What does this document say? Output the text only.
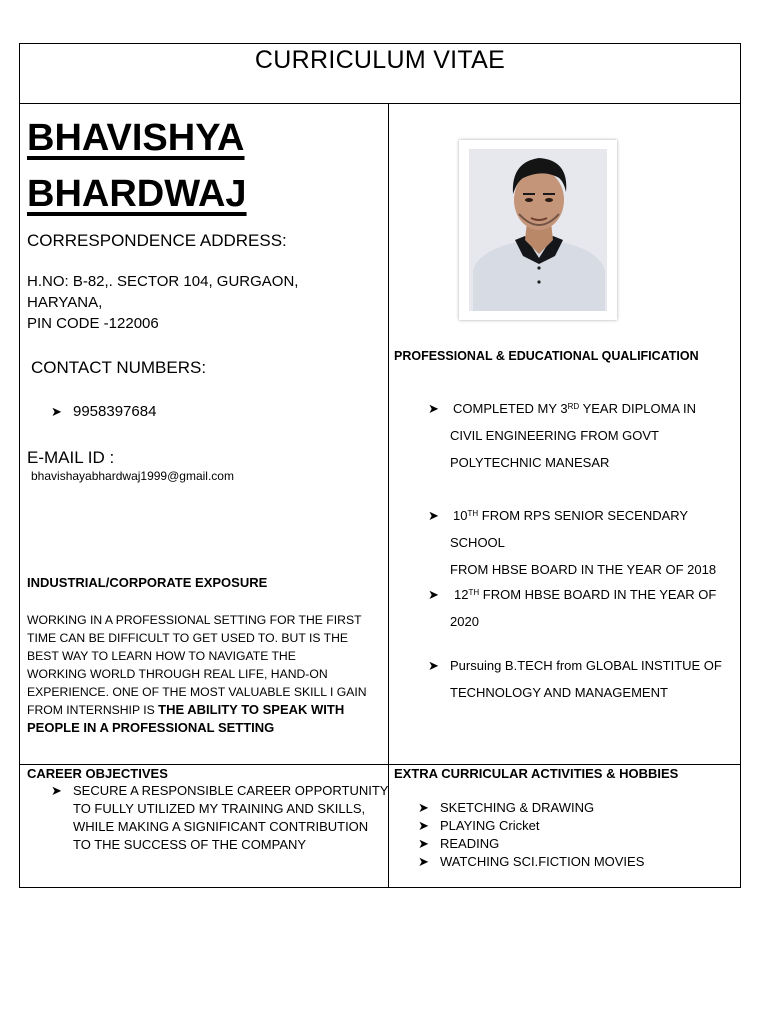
CURRICULUM VITAE
BHAVISHYA
BHARDWAJ
CORRESPONDENCE ADDRESS:
H.NO: B-82,. SECTOR 104, GURGAON,
HARYANA,
PIN CODE -122006
CONTACT NUMBERS:
➤ 9958397684
E-MAIL ID :
bhavishayabhardwaj1999@gmail.com
INDUSTRIAL/CORPORATE EXPOSURE
WORKING IN A PROFESSIONAL SETTING FOR THE FIRST
TIME CAN BE DIFFICULT TO GET USED TO. BUT IS THE
BEST WAY TO LEARN HOW TO NAVIGATE THE
WORKING WORLD THROUGH REAL LIFE, HAND-ON
EXPERIENCE. ONE OF THE MOST VALUABLE SKILL I GAIN
FROM INTERNSHIP IS THE ABILITY TO SPEAK WITH
PEOPLE IN A PROFESSIONAL SETTING
PROFESSIONAL & EDUCATIONAL QUALIFICATION
➤ COMPLETED MY 3RD YEAR DIPLOMA IN
CIVIL ENGINEERING FROM GOVT
POLYTECHNIC MANESAR
➤ 10TH FROM RPS SENIOR SECENDARY SCHOOL
FROM HBSE BOARD IN THE YEAR OF 2018
➤ 12TH FROM HBSE BOARD IN THE YEAR OF
2020
➤ Pursuing B.TECH from GLOBAL INSTITUE OF
TECHNOLOGY AND MANAGEMENT
CAREER OBJECTIVES
➤ SECURE A RESPONSIBLE CAREER OPPORTUNITY
TO FULLY UTILIZED MY TRAINING AND SKILLS,
WHILE MAKING A SIGNIFICANT CONTRIBUTION
TO THE SUCCESS OF THE COMPANY
EXTRA CURRICULAR ACTIVITIES & HOBBIES
➤ SKETCHING & DRAWING
➤ PLAYING Cricket
➤ READING
➤ WATCHING SCI.FICTION MOVIES
